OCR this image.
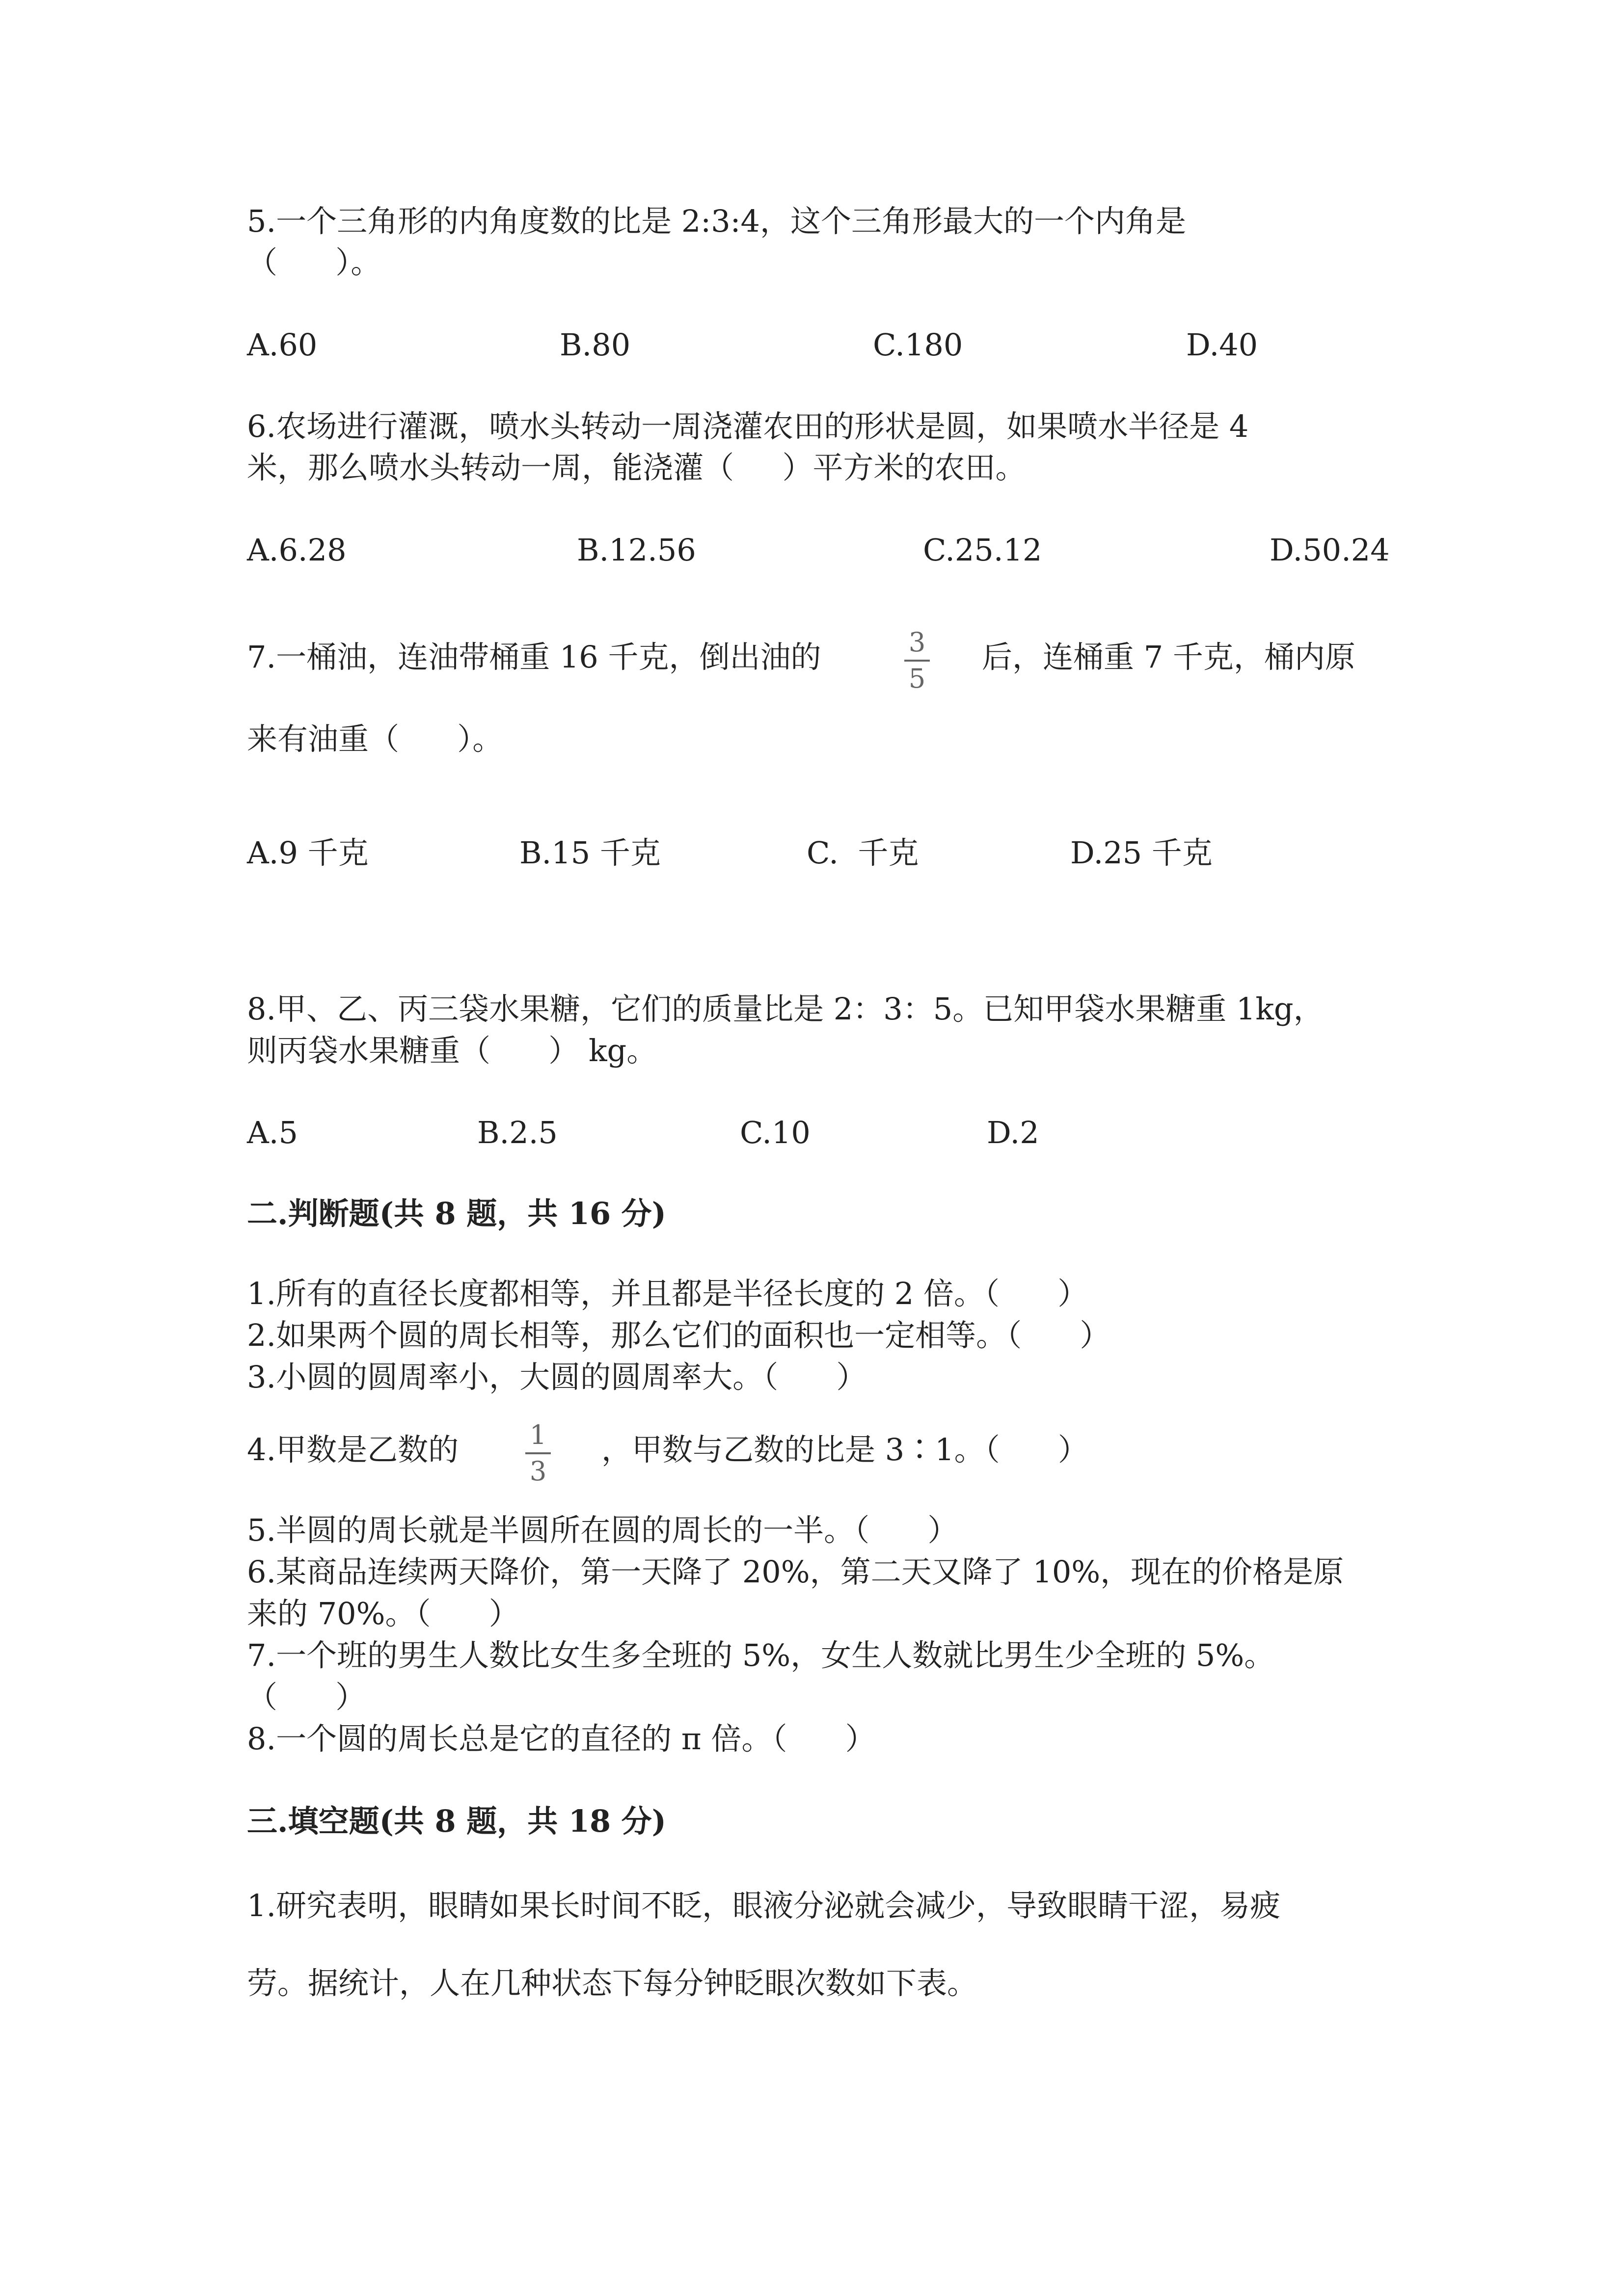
5.一个三角形的内角度数的比是 2:3:4，这个三角形最大的一个内角是
（      ）。
A.60	B.80	C.180	D.40
6.农场进行灌溉，喷水头转动一周浇灌农田的形状是圆，如果喷水半径是 4
米，那么喷水头转动一周，能浇灌（     ）平方米的农田。
A.6.28	B.12.56	C.25.12	D.50.24
7.一桶油，连油带桶重 16 千克，倒出油的	3
5
后，连桶重 7 千克，桶内原
来有油重（      ）。
A.9 千克	B.15 千克	C.  千克	D.25 千克
8.甲、乙、丙三袋水果糖，它们的质量比是 2：3：5。已知甲袋水果糖重 1kg，
则丙袋水果糖重（      ） kg。
A.5	B.2.5	C.10	D.2
二.判断题(共 8 题，共 16 分)
1.所有的直径长度都相等，并且都是半径长度的 2 倍。（      ）
2.如果两个圆的周长相等，那么它们的面积也一定相等。（      ）
3.小圆的圆周率小，大圆的圆周率大。（      ）
4.甲数是乙数的	1
3
，甲数与乙数的比是 3∶1。（      ）
5.半圆的周长就是半圆所在圆的周长的一半。（      ）
6.某商品连续两天降价，第一天降了 20%，第二天又降了 10%，现在的价格是原
来的 70%。（      ）
7.一个班的男生人数比女生多全班的 5%，女生人数就比男生少全班的 5%。
（      ）
8.一个圆的周长总是它的直径的 π 倍。（      ）
三.填空题(共 8 题，共 18 分)
1.研究表明，眼睛如果长时间不眨，眼液分泌就会减少，导致眼睛干涩，易疲
劳。据统计，人在几种状态下每分钟眨眼次数如下表。
